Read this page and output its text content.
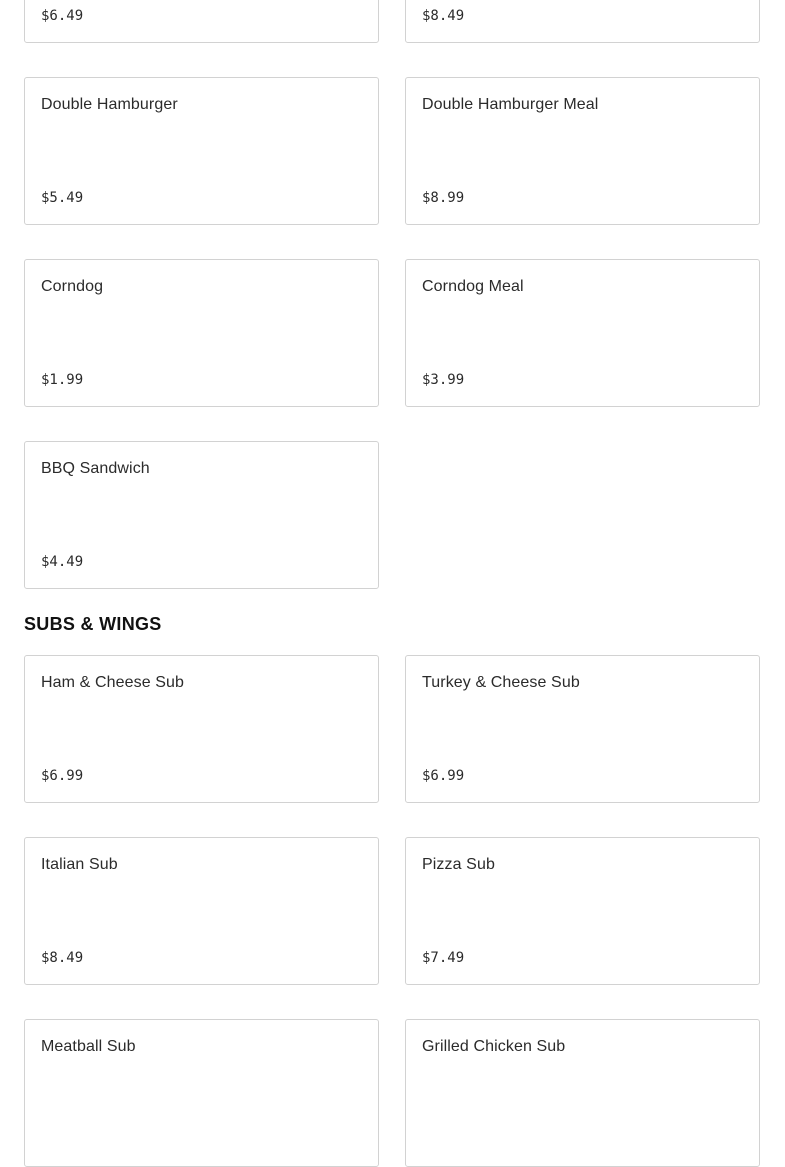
$6.49	$8.49
Double Hamburger
$5.49
Double Hamburger Meal
$8.99
Corndog
$1.99
Corndog Meal
$3.99
BBQ Sandwich
$4.49
SUBS & WINGS
Ham & Cheese Sub
$6.99
Turkey & Cheese Sub
$6.99
Italian Sub
$8.49
Pizza Sub
$7.49
Meatball Sub	Grilled Chicken Sub
